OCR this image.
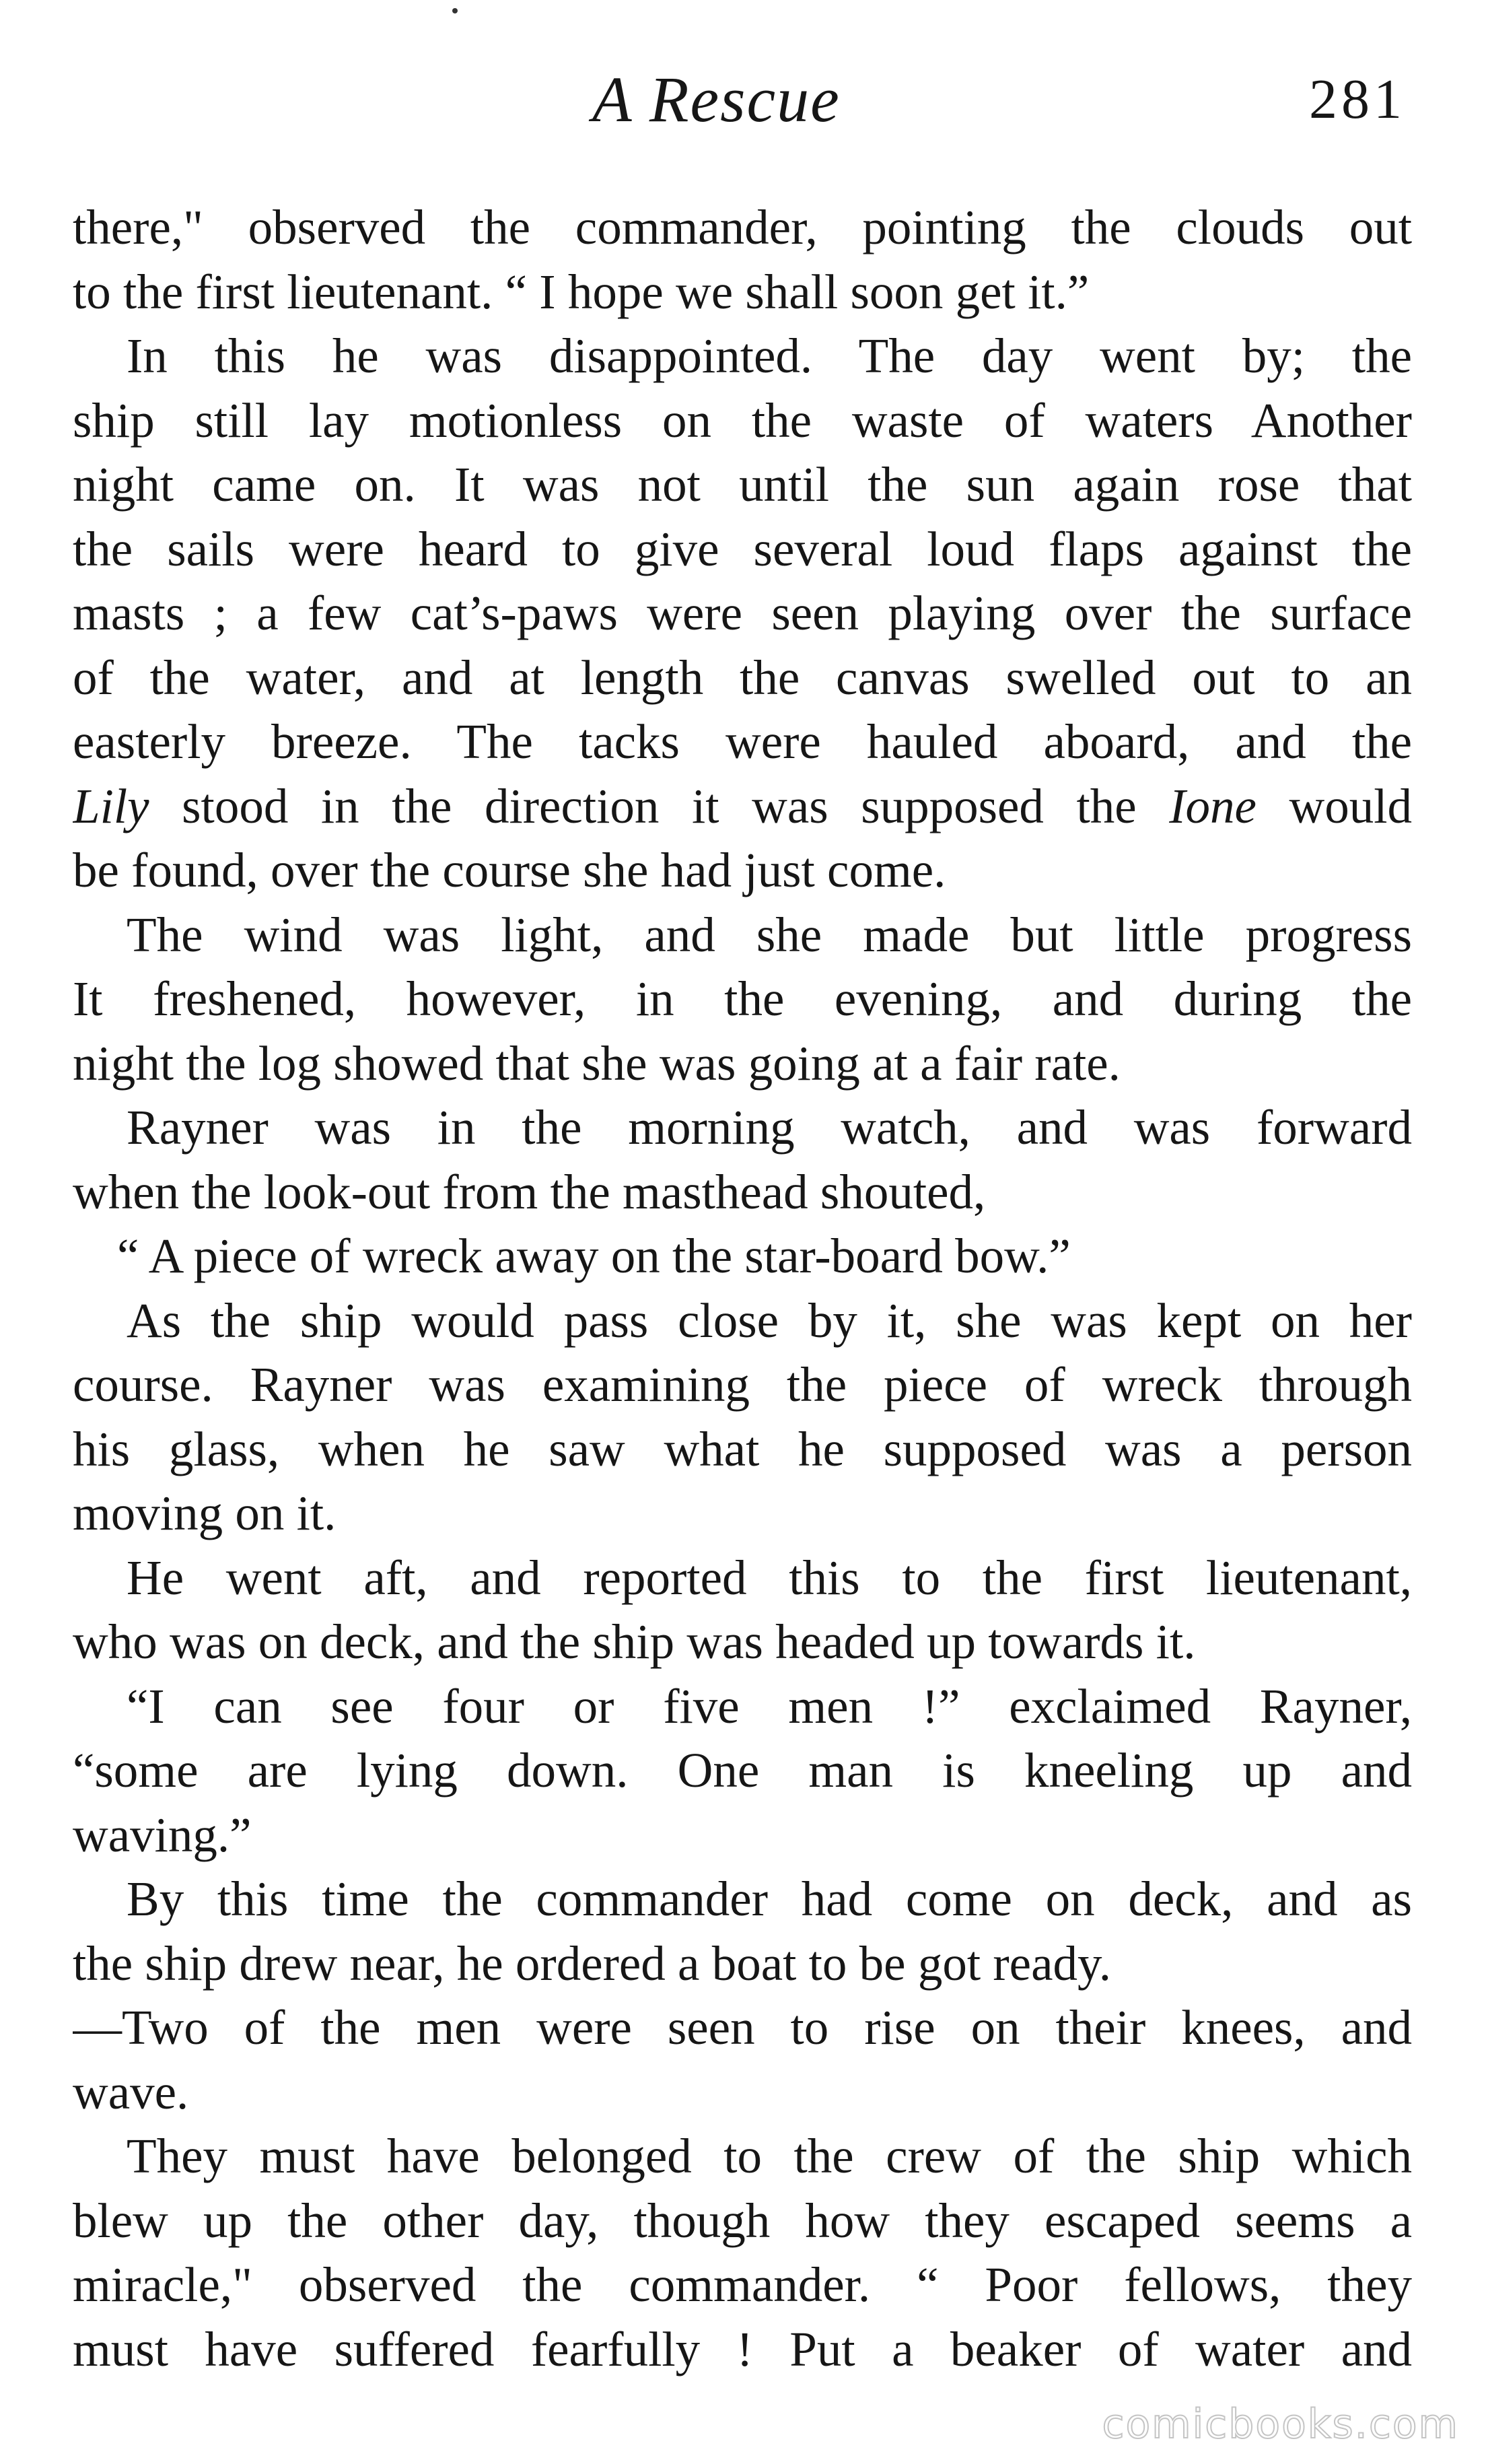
A Rescue	281
there," observed the commander, pointing the clouds out
to the first lieutenant. “ I hope we shall soon get it.”
In this he was disappointed. The day went by; the
ship still lay motionless on the waste of waters Another
night came on. It was not until the sun again rose that
the sails were heard to give several loud flaps against the
masts ; a few cat’s-paws were seen playing over the surface
of the water, and at length the canvas swelled out to an
easterly breeze. The tacks were hauled aboard, and the
Lily stood in the direction it was supposed the Ione would
be found, over the course she had just come.
The wind was light, and she made but little progress
It freshened, however, in the evening, and during the
night the log showed that she was going at a fair rate.
Rayner was in the morning watch, and was forward
when the look-out from the masthead shouted,
“ A piece of wreck away on the star-board bow.”
As the ship would pass close by it, she was kept on her
course. Rayner was examining the piece of wreck through
his glass, when he saw what he supposed was a person
moving on it.
He went aft, and reported this to the first lieutenant,
who was on deck, and the ship was headed up towards it.
“I can see four or five men !” exclaimed Rayner,
“some are lying down. One man is kneeling up and
waving.”
By this time the commander had come on deck, and as
the ship drew near, he ordered a boat to be got ready.
—Two of the men were seen to rise on their knees, and
wave.
They must have belonged to the crew of the ship which
blew up the other day, though how they escaped seems a
miracle," observed the commander. “ Poor fellows, they
must have suffered fearfully ! Put a beaker of water and
comicbooks.com
